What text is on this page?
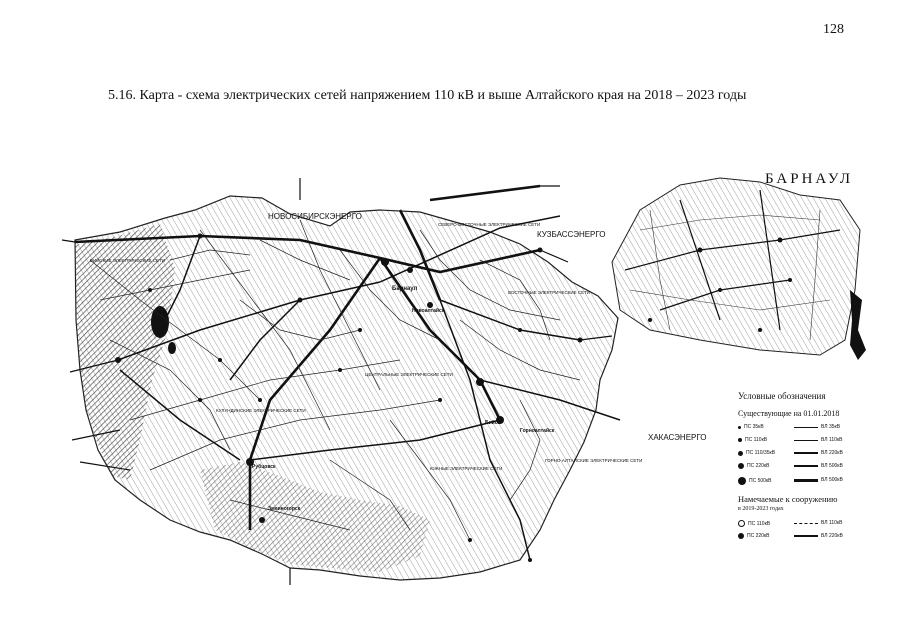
128
5.16. Карта - схема электрических сетей напряжением 110 кВ и выше Алтайского края на 2018 – 2023 годы
НОВОСИБИРСКЭНЕРГО
КУЗБАССЭНЕРГО
ХАКАСЭНЕРГО
СЕВЕРО-ВОСТОЧНЫЕ ЭЛЕКТРИЧЕСКИЕ СЕТИ
ВОСТОЧНЫЕ ЭЛЕКТРИЧЕСКИЕ СЕТИ
ЦЕНТРАЛЬНЫЕ ЭЛЕКТРИЧЕСКИЕ СЕТИ
КУЛУНДИНСКИЕ ЭЛЕКТРИЧЕСКИЕ СЕТИ
ЮЖНЫЕ ЭЛЕКТРИЧЕСКИЕ СЕТИ
ГОРНО-АЛТАЙСКИЕ ЭЛЕКТРИЧЕСКИЕ СЕТИ
БИЙСКИЕ ЭЛЕКТРИЧЕСКИЕ СЕТИ
Барнаул
Новоалтайск
Рубцовск
Змеиногорск
Бийск
Горноалтайск
БАРНАУЛ
Условные обозначения
Существующие на 01.01.2018
ПС 35кВ	ВЛ 35кВ
ПС 110кВ	ВЛ 110кВ
ПС 110/35кВ	ВЛ 220кВ
ПС 220кВ	ВЛ 500кВ
ПС 500кВ	ВЛ 500кВ
Намечаемые к сооружению
в 2019-2023 годах
ПС 110кВ	ВЛ 110кВ
ПС 220кВ	ВЛ 220кВ
